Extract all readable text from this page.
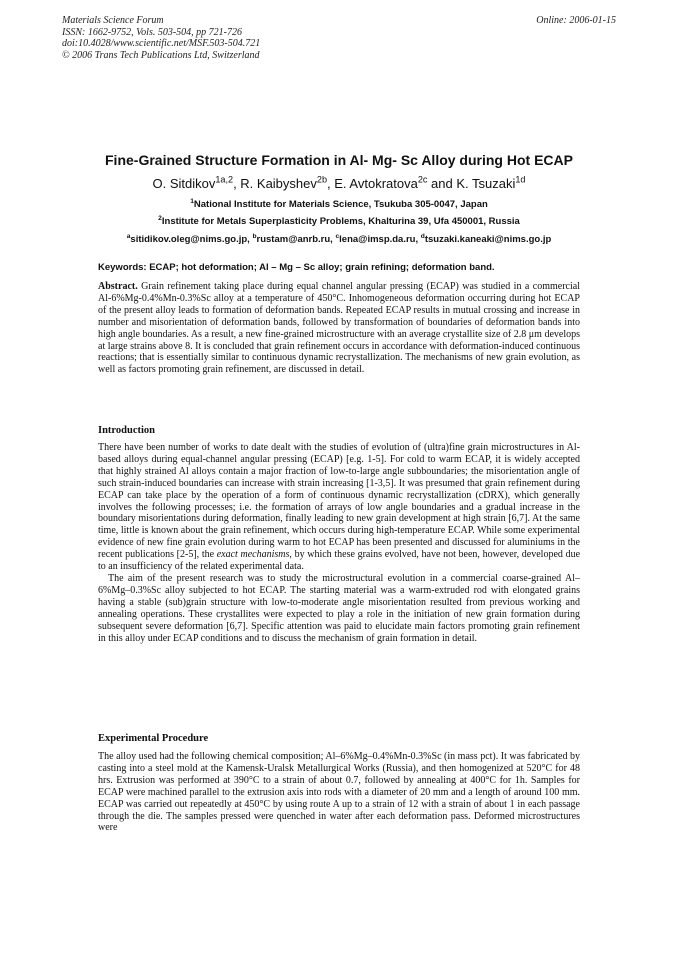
Materials Science Forum
ISSN: 1662-9752, Vols. 503-504, pp 721-726
doi:10.4028/www.scientific.net/MSF.503-504.721
© 2006 Trans Tech Publications Ltd, Switzerland
Online: 2006-01-15
Fine-Grained Structure Formation in Al- Mg- Sc Alloy during Hot ECAP
O. Sitdikov$^{1a,2}$, R. Kaibyshev$^{2b}$, E. Avtokratova$^{2c}$ and K. Tsuzaki$^{1d}$
$^1$National Institute for Materials Science, Tsukuba 305-0047, Japan
$^2$Institute for Metals Superplasticity Problems, Khalturina 39, Ufa 450001, Russia
$^a$sitidikov.oleg@nims.go.jp, $^b$rustam@anrb.ru, $^c$lena@imsp.da.ru, $^d$tsuzaki.kaneaki@nims.go.jp
Keywords: ECAP; hot deformation; Al – Mg – Sc alloy; grain refining; deformation band.

Abstract. Grain refinement taking place during equal channel angular pressing (ECAP) was studied in a commercial Al-6%Mg-0.4%Mn-0.3%Sc alloy at a temperature of 450°C. Inhomogeneous deformation occurring during hot ECAP of the present alloy leads to formation of deformation bands. Repeated ECAP results in mutual crossing and increase in number and misorientation of deformation bands, followed by transformation of boundaries of deformation bands into high angle boundaries. As a result, a new fine-grained microstructure with an average crystallite size of 2.8 μm develops at large strains above 8. It is concluded that grain refinement occurs in accordance with deformation-induced continuous reactions; that is essentially similar to continuous dynamic recrystallization. The mechanisms of new grain evolution, as well as factors promoting grain refinement, are discussed in detail.

Introduction

There have been number of works to date dealt with the studies of evolution of (ultra)fine grain microstructures in Al-based alloys during equal-channel angular pressing (ECAP) [e.g. 1-5]. For cold to warm ECAP, it is widely accepted that highly strained Al alloys contain a major fraction of low-to-large angle subboundaries; the misorientation angle of such strain-induced boundaries can increase with strain increasing [1-3,5]. It was presumed that grain refinement during ECAP can take place by the operation of a form of continuous dynamic recrystallization (cDRX), which generally involves the following processes; i.e. the formation of arrays of low angle boundaries and a gradual increase in the boundary misorientations during deformation, finally leading to new grain development at high strain [6,7]. At the same time, little is known about the grain refinement, which occurs during high-temperature ECAP. While some experimental evidence of new fine grain evolution during warm to hot ECAP has been presented and discussed for aluminiums in the recent publications [2-5], the exact mechanisms, by which these grains evolved, have not been, however, developed due to an insufficiency of the related experimental data.

The aim of the present research was to study the microstructural evolution in a commercial coarse-grained Al–6%Mg–0.3%Sc alloy subjected to hot ECAP. The starting material was a warm-extruded rod with elongated grains having a stable (sub)grain structure with low-to-moderate angle misorientation resulted from previous working and annealing operations. These crystallites were expected to play a role in the initiation of new grain formation during subsequent severe deformation [6,7]. Specific attention was paid to elucidate main factors promoting grain refinement in this alloy under ECAP conditions and to discuss the mechanism of grain formation in detail.

Experimental Procedure

The alloy used had the following chemical composition; Al–6%Mg–0.4%Mn-0.3%Sc (in mass pct). It was fabricated by casting into a steel mold at the Kamensk-Uralsk Metallurgical Works (Russia), and then homogenized at 520°C for 48 hrs. Extrusion was performed at 390°C to a strain of about 0.7, followed by annealing at 400°C for 1h. Samples for ECAP were machined parallel to the extrusion axis into rods with a diameter of 20 mm and a length of around 100 mm. ECAP was carried out repeatedly at 450°C by using route A up to a strain of 12 with a strain of about 1 in each passage through the die. The samples pressed were quenched in water after each deformation pass. Deformed microstructures were
